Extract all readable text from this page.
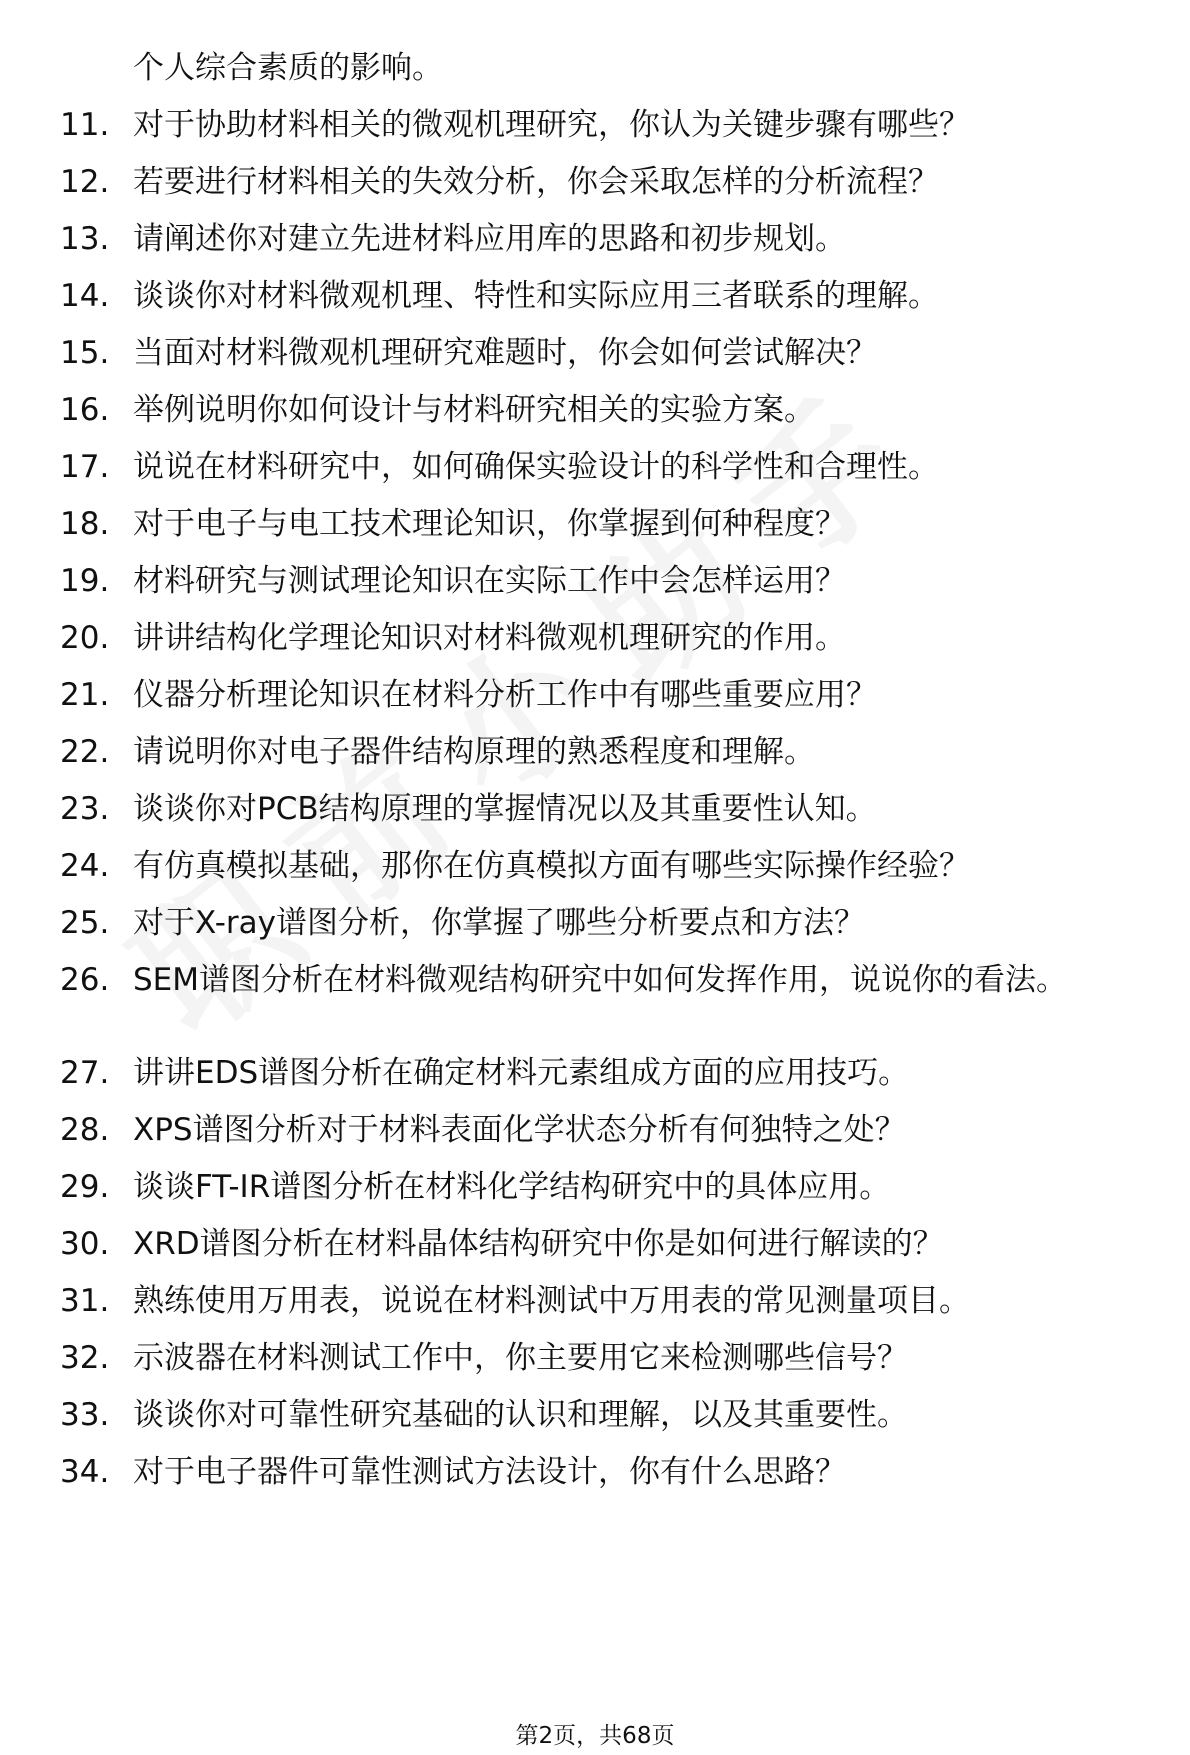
个人综合素质的影响。
11. 对于协助材料相关的微观机理研究，你认为关键步骤有哪些？
12. 若要进行材料相关的失效分析，你会采取怎样的分析流程？
13. 请阐述你对建立先进材料应用库的思路和初步规划。
14. 谈谈你对材料微观机理、特性和实际应用三者联系的理解。
15. 当面对材料微观机理研究难题时，你会如何尝试解决？
16. 举例说明你如何设计与材料研究相关的实验方案。
17. 说说在材料研究中，如何确保实验设计的科学性和合理性。
18. 对于电子与电工技术理论知识，你掌握到何种程度？
19. 材料研究与测试理论知识在实际工作中会怎样运用？
20. 讲讲结构化学理论知识对材料微观机理研究的作用。
21. 仪器分析理论知识在材料分析工作中有哪些重要应用？
22. 请说明你对电子器件结构原理的熟悉程度和理解。
23. 谈谈你对PCB结构原理的掌握情况以及其重要性认知。
24. 有仿真模拟基础，那你在仿真模拟方面有哪些实际操作经验？
25. 对于X-ray谱图分析，你掌握了哪些分析要点和方法？
26. SEM谱图分析在材料微观结构研究中如何发挥作用，说说你的看法。
27. 讲讲EDS谱图分析在确定材料元素组成方面的应用技巧。
28. XPS谱图分析对于材料表面化学状态分析有何独特之处？
29. 谈谈FT-IR谱图分析在材料化学结构研究中的具体应用。
30. XRD谱图分析在材料晶体结构研究中你是如何进行解读的？
31. 熟练使用万用表，说说在材料测试中万用表的常见测量项目。
32. 示波器在材料测试工作中，你主要用它来检测哪些信号？
33. 谈谈你对可靠性研究基础的认识和理解，以及其重要性。
34. 对于电子器件可靠性测试方法设计，你有什么思路？
第2页，共68页
